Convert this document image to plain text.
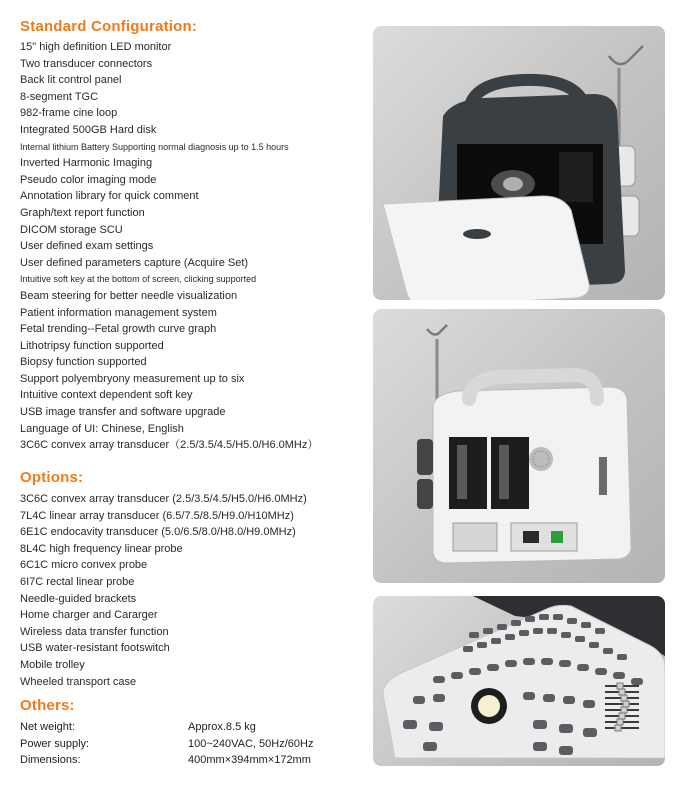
Standard Configuration:
15" high definition LED monitor
Two transducer connectors
Back lit control panel
8-segment TGC
982-frame cine loop
Integrated 500GB Hard disk
Internal lithium Battery Supporting normal diagnosis up to 1.5 hours
Inverted Harmonic Imaging
Pseudo color imaging mode
Annotation library for quick comment
Graph/text report function
DICOM storage SCU
User defined exam settings
User defined parameters capture (Acquire Set)
Intuitive soft key at the bottom of screen, clicking supported
Beam steering for better needle visualization
Patient information management system
Fetal trending--Fetal growth curve graph
Lithotripsy function supported
Biopsy function supported
Support polyembryony measurement up to six
Intuitive context dependent soft key
USB image transfer and software upgrade
Language of UI: Chinese, English
3C6C convex array transducer（2.5/3.5/4.5/H5.0/H6.0MHz）
Options:
3C6C convex array transducer (2.5/3.5/4.5/H5.0/H6.0MHz)
7L4C linear array transducer (6.5/7.5/8.5/H9.0/H10MHz)
6E1C endocavity transducer (5.0/6.5/8.0/H8.0/H9.0MHz)
8L4C high frequency linear probe
6C1C micro convex probe
6I7C rectal linear probe
Needle-guided brackets
Home charger and Cararger
Wireless data transfer function
USB water-resistant footswitch
Mobile trolley
Wheeled transport case
Others:
Net weight:	Approx.8.5 kg
Power supply:	100~240VAC, 50Hz/60Hz
Dimensions:	400mm×394mm×172mm
